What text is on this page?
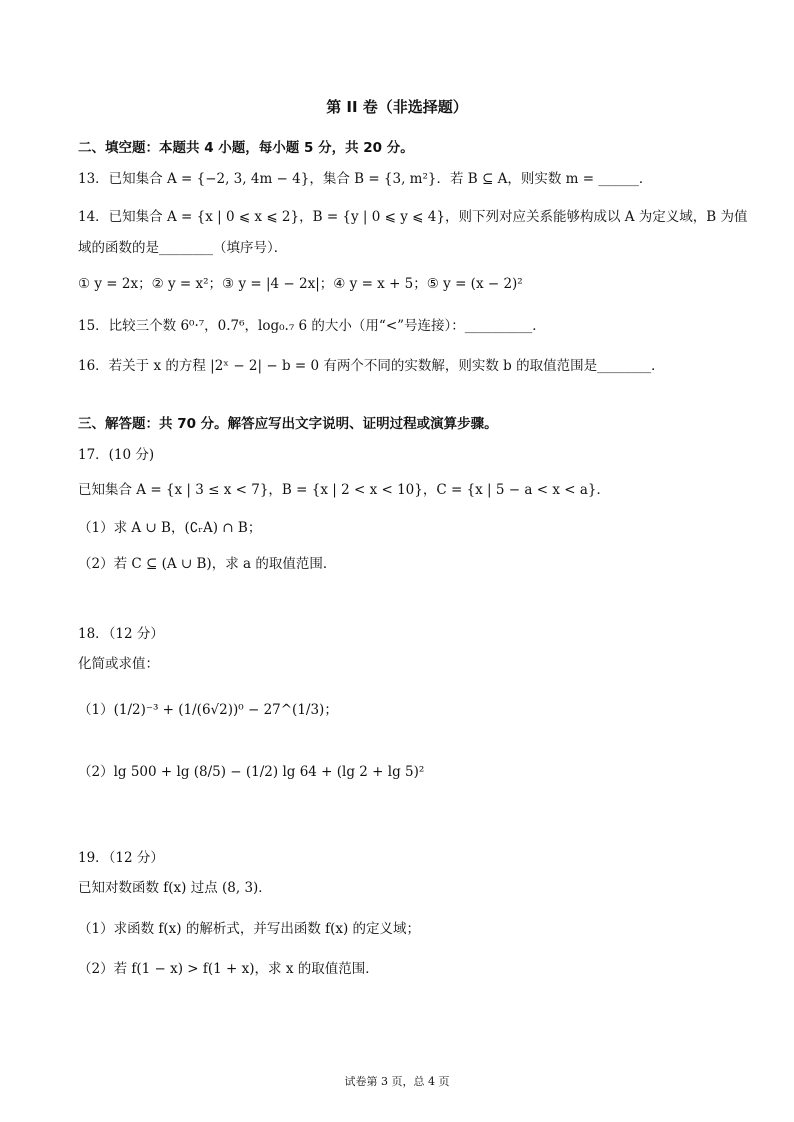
第 II 卷（非选择题）
二、填空题：本题共 4 小题，每小题 5 分，共 20 分。
13．已知集合 A = {−2, 3, 4m − 4}，集合 B = {3, m²}．若 B ⊆ A，则实数 m = ______．
14．已知集合 A = {x | 0 ⩽ x ⩽ 2}，B = {y | 0 ⩽ y ⩽ 4}，则下列对应关系能够构成以 A 为定义域，B 为值
域的函数的是________（填序号）．
① y = 2x；② y = x²；③ y = |4 − 2x|；④ y = x + 5；⑤ y = (x − 2)²
15．比较三个数 6⁰·⁷，0.7⁶，log₀.₇ 6 的大小（用“<”号连接）：__________．
16．若关于 x 的方程 |2ˣ − 2| − b = 0 有两个不同的实数解，则实数 b 的取值范围是________．
三、解答题：共 70 分。解答应写出文字说明、证明过程或演算步骤。
17．(10 分)
已知集合 A = {x | 3 ≤ x < 7}，B = {x | 2 < x < 10}，C = {x | 5 − a < x < a}．
（1）求 A ∪ B，(∁ᵣA) ∩ B；
（2）若 C ⊆ (A ∪ B)，求 a 的取值范围．
18．（12 分）
化简或求值：
（1）(1/2)⁻³ + (1/(6√2))⁰ − 27^(1/3)；
（2）lg 500 + lg (8/5) − (1/2) lg 64 + (lg 2 + lg 5)²
19．（12 分）
已知对数函数 f(x) 过点 (8, 3)．
（1）求函数 f(x) 的解析式，并写出函数 f(x) 的定义域；
（2）若 f(1 − x) > f(1 + x)，求 x 的取值范围．
试卷第 3 页，总 4 页
